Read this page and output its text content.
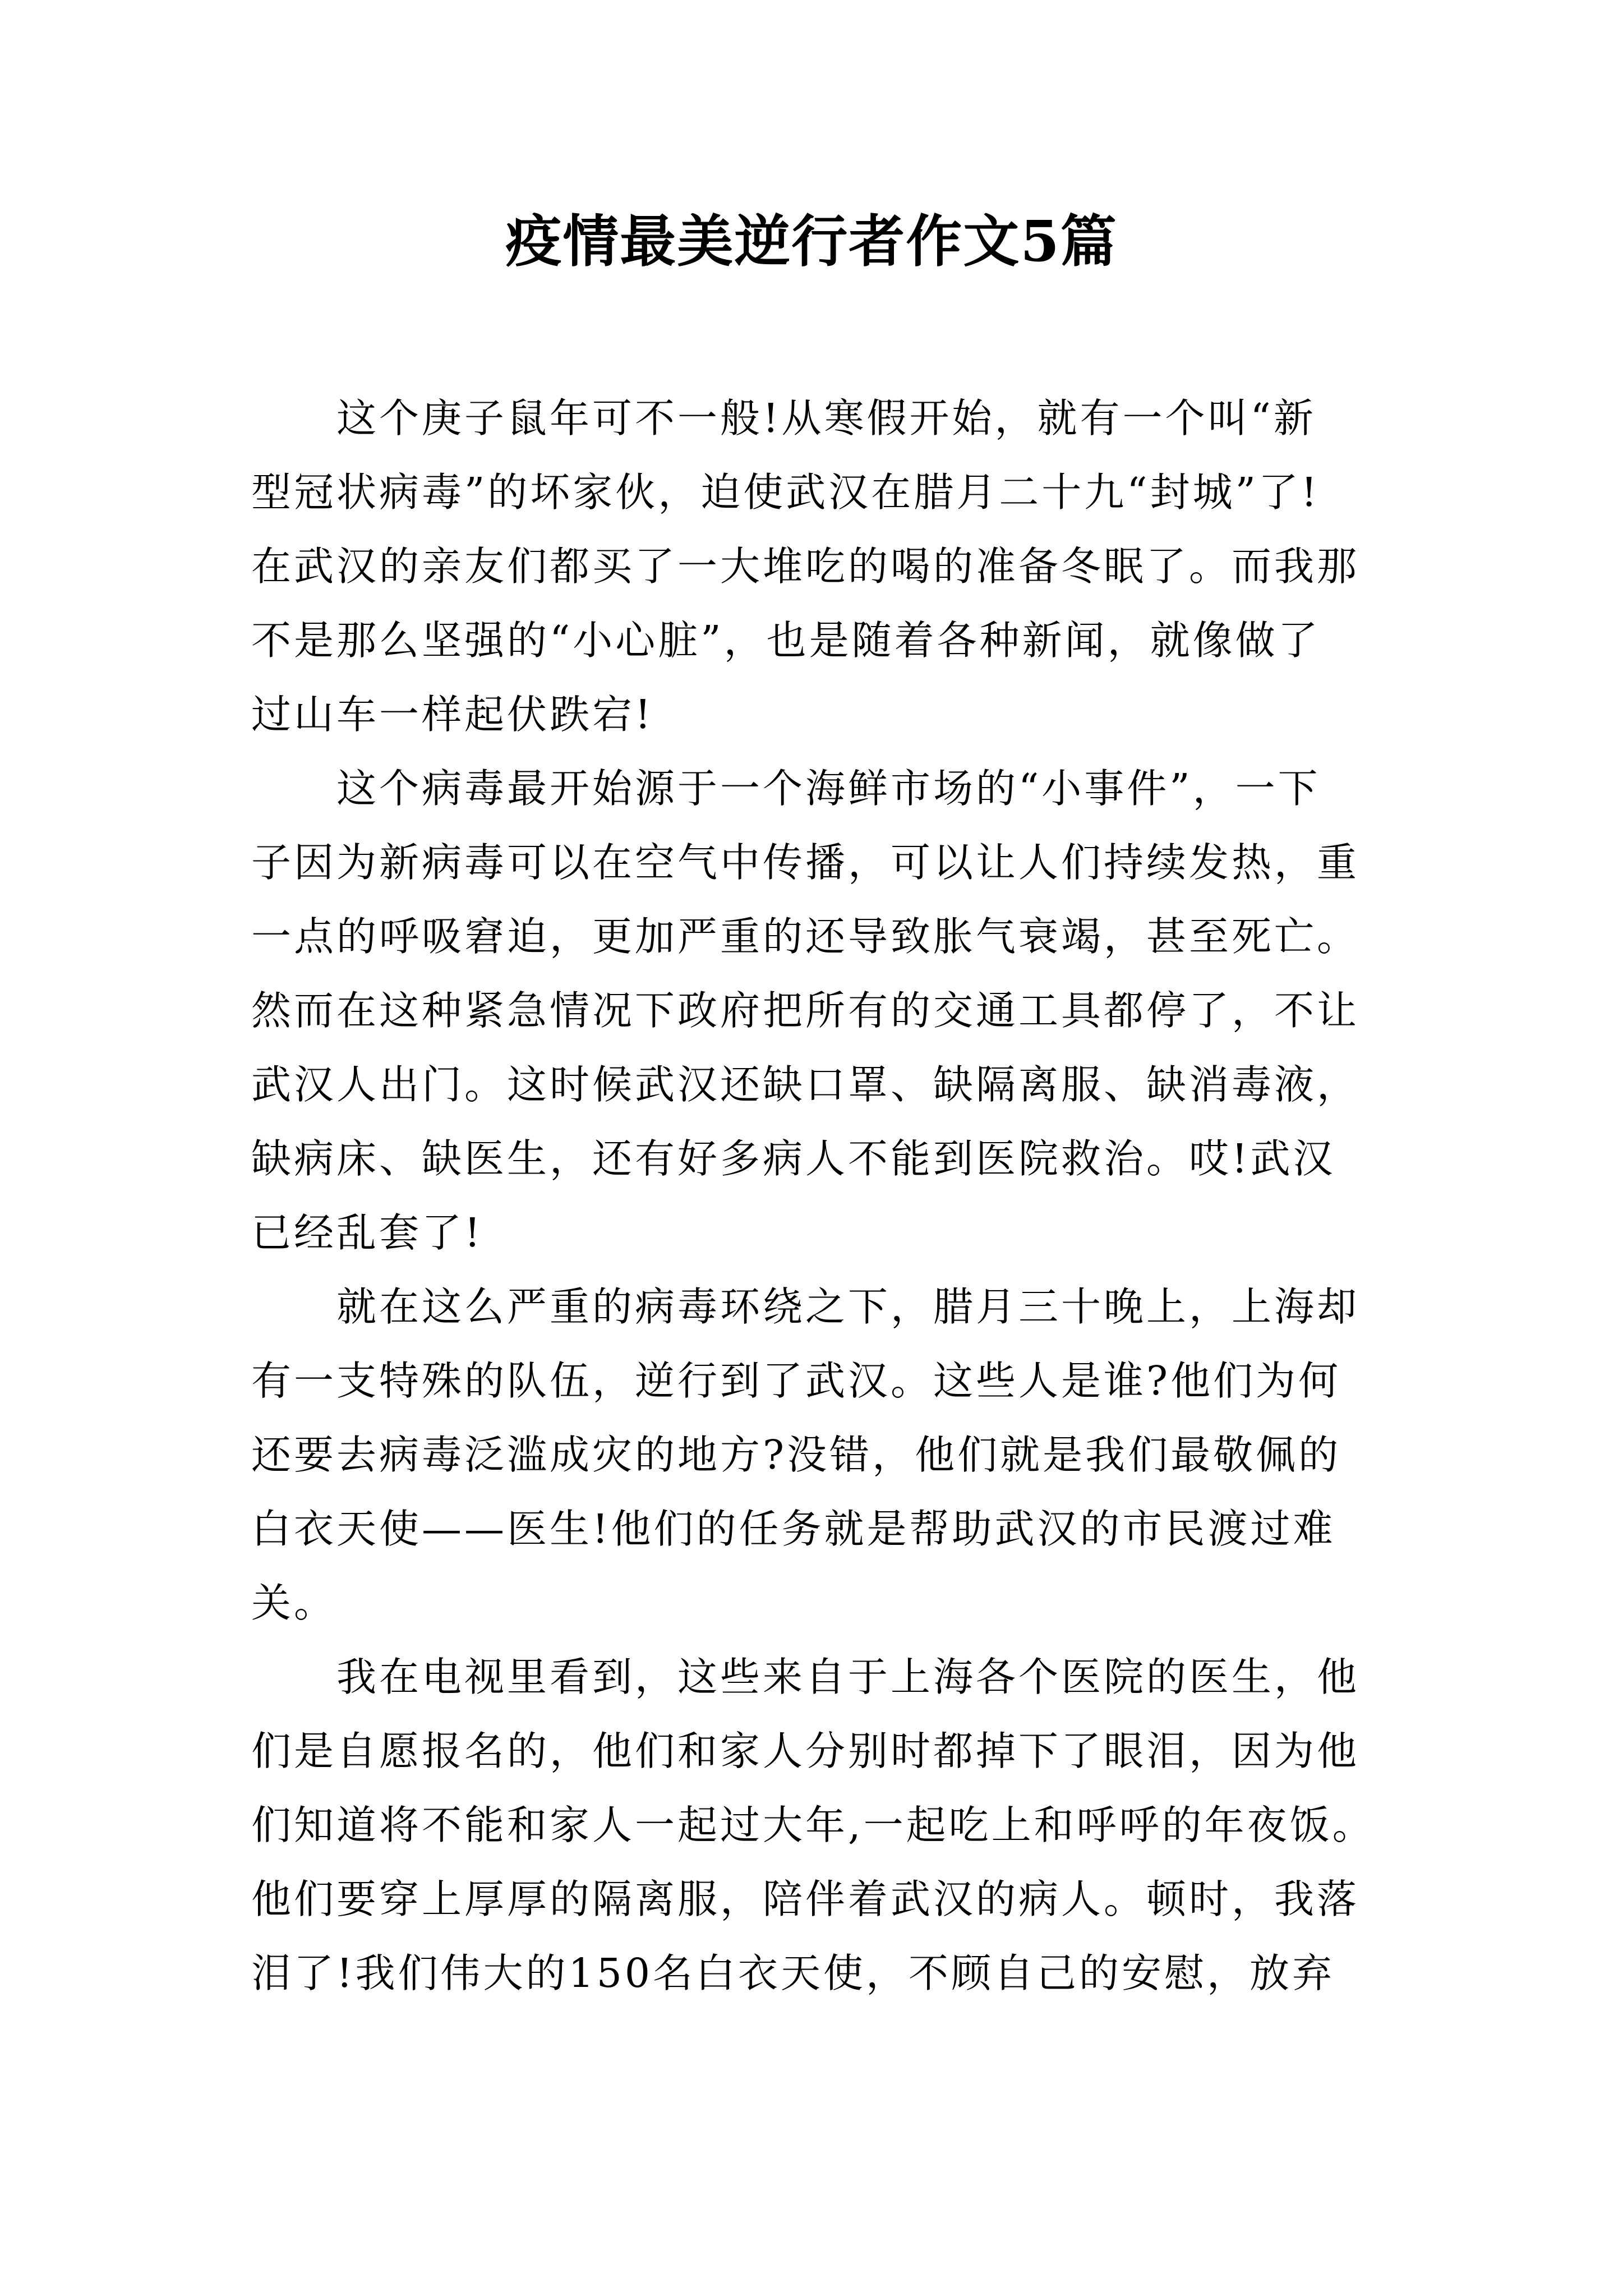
疫情最美逆行者作文5篇
这个庚子鼠年可不一般!从寒假开始，就有一个叫“新
型冠状病毒”的坏家伙，迫使武汉在腊月二十九“封城”了!
在武汉的亲友们都买了一大堆吃的喝的准备冬眠了。而我那
不是那么坚强的“小心脏”，也是随着各种新闻，就像做了
过山车一样起伏跌宕!
这个病毒最开始源于一个海鲜市场的“小事件”，一下
子因为新病毒可以在空气中传播，可以让人们持续发热，重
一点的呼吸窘迫，更加严重的还导致胀气衰竭，甚至死亡。
然而在这种紧急情况下政府把所有的交通工具都停了，不让
武汉人出门。这时候武汉还缺口罩、缺隔离服、缺消毒液，
缺病床、缺医生，还有好多病人不能到医院救治。哎!武汉
已经乱套了!
就在这么严重的病毒环绕之下，腊月三十晚上，上海却
有一支特殊的队伍，逆行到了武汉。这些人是谁?他们为何
还要去病毒泛滥成灾的地方?没错，他们就是我们最敬佩的
白衣天使——医生!他们的任务就是帮助武汉的市民渡过难
关。
我在电视里看到，这些来自于上海各个医院的医生，他
们是自愿报名的，他们和家人分别时都掉下了眼泪，因为他
们知道将不能和家人一起过大年,一起吃上和呼呼的年夜饭。
他们要穿上厚厚的隔离服，陪伴着武汉的病人。顿时，我落
泪了!我们伟大的150名白衣天使，不顾自己的安慰，放弃
